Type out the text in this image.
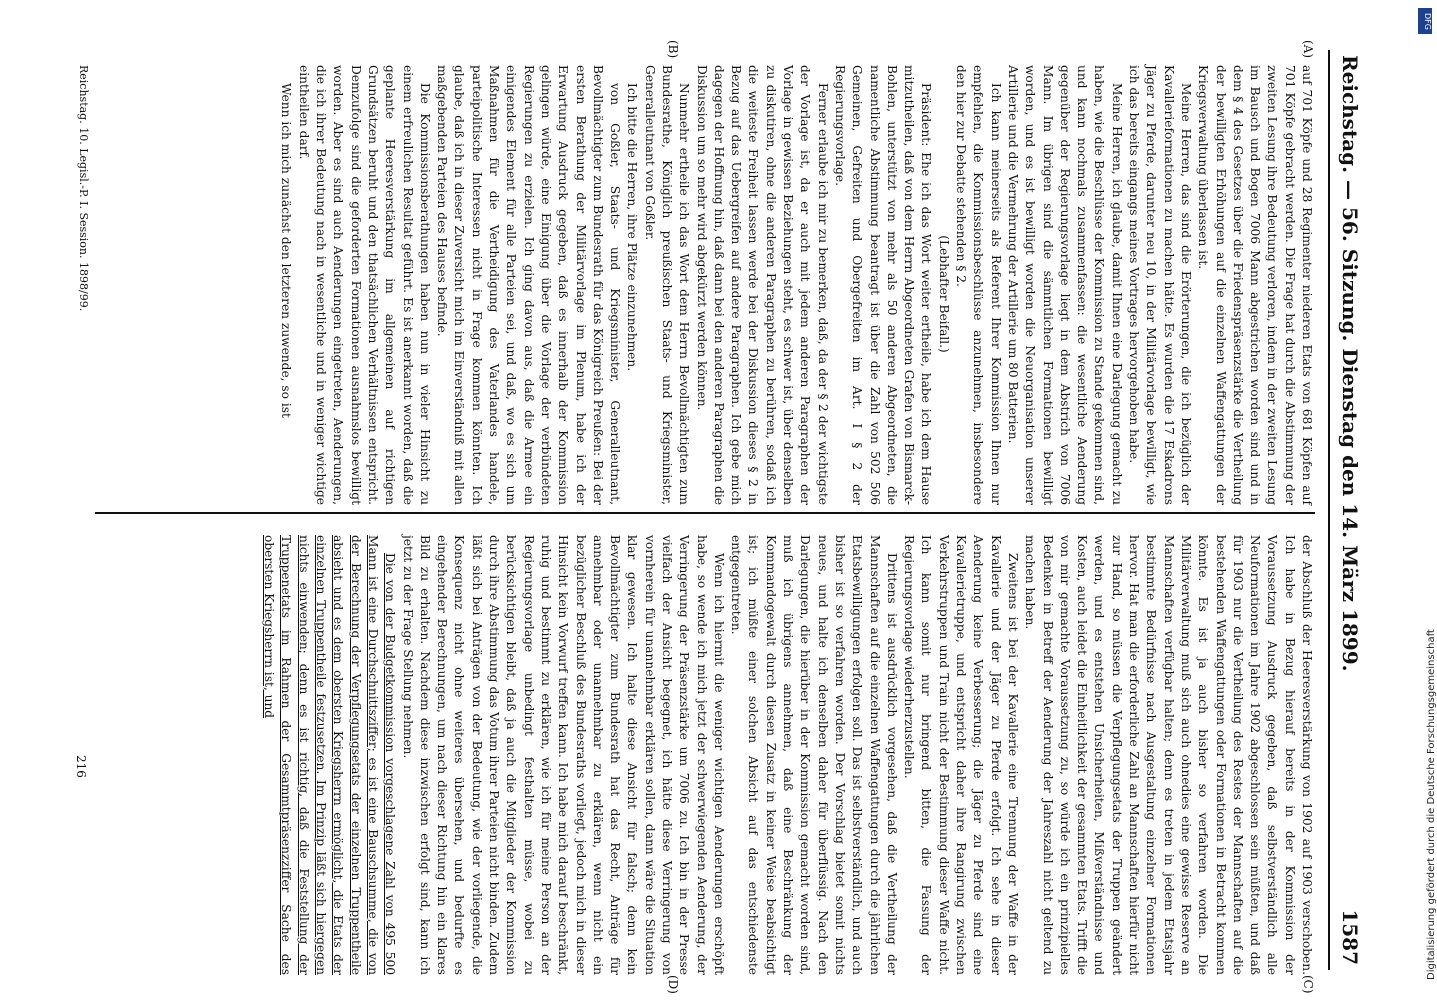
Reichstag. — 56. Sitzung.
Dienstag den 14. März 1899.
1587
(A)
(B)
(C)
(D)

auf 701 Köpfe und 28 Regimenter niederen Etats von 681 Köpfen auf 701 Köpfe gebracht werden. Die Frage hat durch die Abstimmung der zweiten Lesung ihre Bedeutung verloren, indem in der zweiten Lesung im Bausch und Bogen 7006 Mann abgestrichen worden sind und in dem § 4 des Gesetzes über die Friedenspräsenzstärke die Vertheilung der bewilligten Erhöhungen auf die einzelnen Waffengattungen der Kriegsverwaltung überlassen ist.

Meine Herren, das sind die Erörterungen, die ich bezüglich der Kavallerieformationen zu machen hätte. Es wurden die 17 Eskadrons Jäger zu Pferde, darunter neu 10, in der Militärvorlage bewilligt, wie ich das bereits eingangs meines Vortrages hervorgehoben habe.

Meine Herren, ich glaube, damit Ihnen eine Darlegung gemacht zu haben, wie die Beschlüsse der Kommission zu Stande gekommen sind, und kann nochmals zusammenfassen: die wesentliche Aenderung gegenüber der Regierungsvorlage liegt in dem Abstrich von 7006 Mann. Im übrigen sind die sämmtlichen Formationen bewilligt worden, und es ist bewilligt worden die Neuorganisation unserer Artillerie und die Vermehrung der Artillerie um 80 Batterien.

Ich kann meinerseits als Referent Ihrer Kommission Ihnen nur empfehlen, die Kommissionsbeschlüsse anzunehmen, insbesondere den hier zur Debatte stehenden § 2.

(Lebhafter Beifall.)

Präsident: Ehe ich das Wort weiter ertheile, habe ich dem Hause mitzutheilen, daß von dem Herrn Abgeordneten Grafen von Bismarck-Bohlen, unterstützt von mehr als 50 anderen Abgeordneten, die namentliche Abstimmung beantragt ist über die Zahl von 502 506 Gemeinen, Gefreiten und Obergefreiten im Art. I § 2 der Regierungsvorlage.

Ferner erlaube ich mir zu bemerken, daß, da der § 2 der wichtigste der Vorlage ist, da er auch mit jedem anderen Paragraphen der Vorlage in gewissen Beziehungen steht, es schwer ist, über denselben zu diskutiren, ohne die anderen Paragraphen zu berühren, sodaß ich die weiteste Freiheit lassen werde bei der Diskussion dieses § 2 in Bezug auf das Uebergreifen auf andere Paragraphen. Ich gebe mich dagegen der Hoffnung hin, daß dann bei den anderen Paragraphen die Diskussion um so mehr wird abgekürzt werden können.

Nunmehr ertheile ich das Wort dem Herrn Bevollmächtigten zum Bundesrathe, Königlich preußischen Staats- und Kriegsminister, Generalleutnant von Goßler.

Ich bitte die Herren, ihre Plätze einzunehmen.

von Goßler, Staats- und Kriegsminister, Generalleutnant, Bevollmächtigter zum Bundesrath für das Königreich Preußen: Bei der ersten Berathung der Militärvorlage im Plenum, habe ich der Erwartung Ausdruck gegeben, daß es innerhalb der Kommission gelingen würde, eine Einigung über die Vorlage der verbündeten Regierungen zu erzielen. Ich ging davon aus, daß die Armee ein einigendes Element für alle Parteien sei, und daß, wo es sich um Maßnahmen für die Vertheidigung des Vaterlandes handele, parteipolitische Interessen nicht in Frage kommen könnten. Ich glaube, daß ich in dieser Zuversicht mich im Einverständniß mit allen maßgebenden Parteien des Hauses befinde.

Die Kommissionsberathungen haben nun in vieler Hinsicht zu einem erfreulichen Resultat geführt. Es ist anerkannt worden, daß die geplante Heeresverstärkung im allgemeinen auf richtigen Grundsätzen beruht und den thatsächlichen Verhältnissen entspricht. Demzufolge sind die geforderten Formationen ausnahmslos bewilligt worden. Aber es sind auch Aenderungen eingetreten, Aenderungen, die ich ihrer Bedeutung nach in wesentliche und in weniger wichtige eintheilen darf.

Wenn ich mich zunächst den letzteren zuwende, so ist

der Abschluß der Heeresverstärkung von 1902 auf 1903 verschoben. Ich habe in Bezug hierauf bereits in der Kommission der Voraussetzung Ausdruck gegeben, daß selbstverständlich alle Neuformationen im Jahre 1902 abgeschlossen sein müßten, und daß für 1903 nur die Vertheilung des Restes der Mannschaften auf die bestehenden Waffengattungen oder Formationen in Betracht kommen könnte. Es ist ja auch bisher so verfahren worden. Die Militärverwaltung muß sich auch ohnedies eine gewisse Reserve an Mannschaften verfügbar halten; denn es treten in jedem Etatsjahr bestimmte Bedürfnisse nach Ausgestaltung einzelner Formationen hervor. Hat man die erforderliche Zahl an Mannschaften hierfür nicht zur Hand, so müssen die Verpflegungsetats der Truppen geändert werden, und es entstehen Unsicherheiten, Mißverständnisse und Kosten, auch leidet die Einheitlichkeit der gesammten Etats. Trifft die von mir gemachte Voraussetzung zu, so würde ich ein prinzipielles Bedenken in Betreff der Aenderung der Jahreszahl nicht geltend zu machen haben.

Zweitens ist bei der Kavallerie eine Trennung der Waffe in der Kavallerie und der Jäger zu Pferde erfolgt. Ich sehe in dieser Aenderung keine Verbesserung; die Jäger zu Pferde sind eine Kavallerietruppe, und entspricht daher ihre Rangirung zwischen Verkehrstruppen und Train nicht der Bestimmung dieser Waffe nicht. Ich kann somit nur bringend bitten, die Fassung der Regierungsvorlage wiederherzustellen.

Drittens ist ausdrücklich vorgesehen, daß die Vertheilung der Mannschaften auf die einzelnen Waffengattungen durch die jährlichen Etatsbewilligungen erfolgen soll. Das ist selbstverständlich, und auch bisher ist so verfahren worden. Der Vorschlag bietet somit nichts neues, und halte ich denselben daher für überflüssig. Nach den Darlegungen, die hierüber in der Kommission gemacht worden sind, muß ich übrigens annehmen, daß eine Beschränkung der Kommandogewalt durch diesen Zusatz in keiner Weise beabsichtigt ist; ich müßte einer solchen Absicht auf das entschiedenste entgegentreten.

Wenn ich hiermit die weniger wichtigen Aenderungen erschöpft habe, so wende ich mich jetzt der schwerwiegenden Aenderung, der Verringerung der Präsenzstärke um 7006 zu. Ich bin in der Presse vielfach der Ansicht begegnet, ich hätte diese Verringerung von vornherein für unannehmbar erklären sollen, dann wäre die Situation klar gewesen. Ich halte diese Ansicht für falsch; denn kein Bevollmächtigter zum Bundesrath hat das Recht, Anträge für annehmbar oder unannehmbar zu erklären, wenn nicht ein bezüglicher Beschluß des Bundesraths vorliegt, jedoch mich in dieser Hinsicht kein Vorwurf treffen kann. Ich habe mich darauf beschränkt, ruhig und bestimmt zu erklären, wie ich für meine Person an der Regierungsvorlage unbedingt festhalten müsse, wobei zu berücksichtigen bleibt, daß ja auch die Mitglieder der Kommission durch ihre Abstimmung das Votum ihrer Parteien nicht binden. Zudem läßt sich bei Anträgen von der Bedeutung, wie der vorliegende, die Konsequenz nicht ohne weiteres übersehen, und bedurfte es eingehender Berechnungen, um nach dieser Richtung hin ein klares Bild zu erhalten. Nachdem diese inzwischen erfolgt sind, kann ich jetzt zu der Frage Stellung nehmen.

Die von der Budgetkommission vorgeschlagene Zahl von 495 500 Mann ist eine Durchschnittsziffer; es ist eine Bauschsumme, die von der Berechnung der Verpflegungsetats der einzelnen Truppentheile absieht und es dem obersten Kriegsherrn ermöglicht, die Etats der einzelnen Truppentheile festzusetzen. Im Prinzip läßt sich hiergegen nichts einwenden; denn es ist richtig, daß die Feststellung der Truppenetats im Rahmen der Gesammtpräsenzziffer Sache des obersten Kriegsherrn ist, und

Reichstag. 10. Legisl.-P. I. Session. 1898/99.
216
DFG
Digitalisierung gefördert durch die Deutsche Forschungsgemeinschaft
